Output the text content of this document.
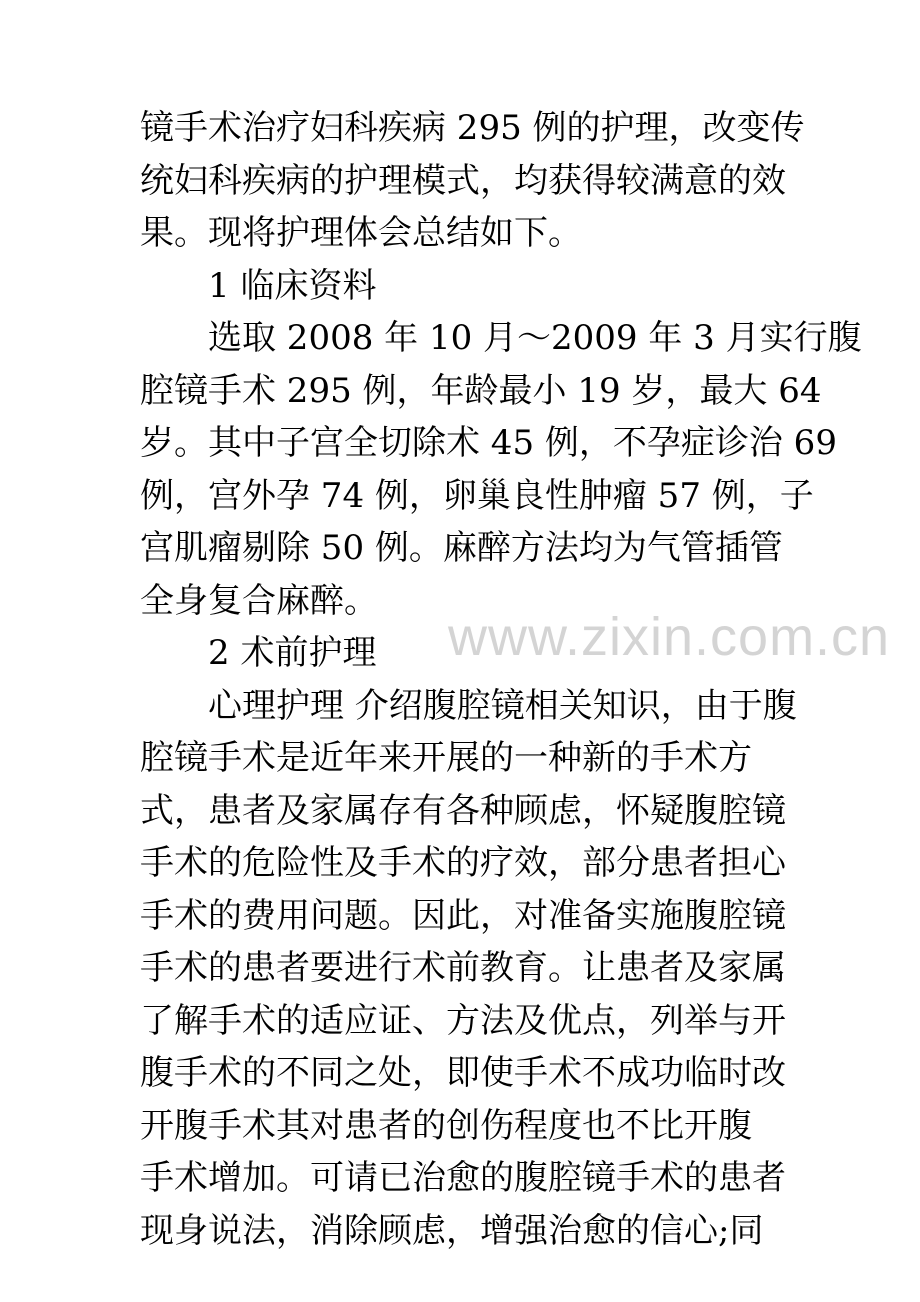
镜手术治疗妇科疾病 295 例的护理，改变传
统妇科疾病的护理模式，均获得较满意的效
果。现将护理体会总结如下。
1 临床资料
选取 2008 年 10 月～2009 年 3 月实行腹
腔镜手术 295 例，年龄最小 19 岁，最大 64
岁。其中子宫全切除术 45 例，不孕症诊治 69
例，宫外孕 74 例，卵巢良性肿瘤 57 例，子
宫肌瘤剔除 50 例。麻醉方法均为气管插管
全身复合麻醉。
2 术前护理
心理护理 介绍腹腔镜相关知识，由于腹
腔镜手术是近年来开展的一种新的手术方
式，患者及家属存有各种顾虑，怀疑腹腔镜
手术的危险性及手术的疗效，部分患者担心
手术的费用问题。因此，对准备实施腹腔镜
手术的患者要进行术前教育。让患者及家属
了解手术的适应证、方法及优点，列举与开
腹手术的不同之处，即使手术不成功临时改
开腹手术其对患者的创伤程度也不比开腹
手术增加。可请已治愈的腹腔镜手术的患者
现身说法，消除顾虑，增强治愈的信心;同
www.zixin.com.cn
